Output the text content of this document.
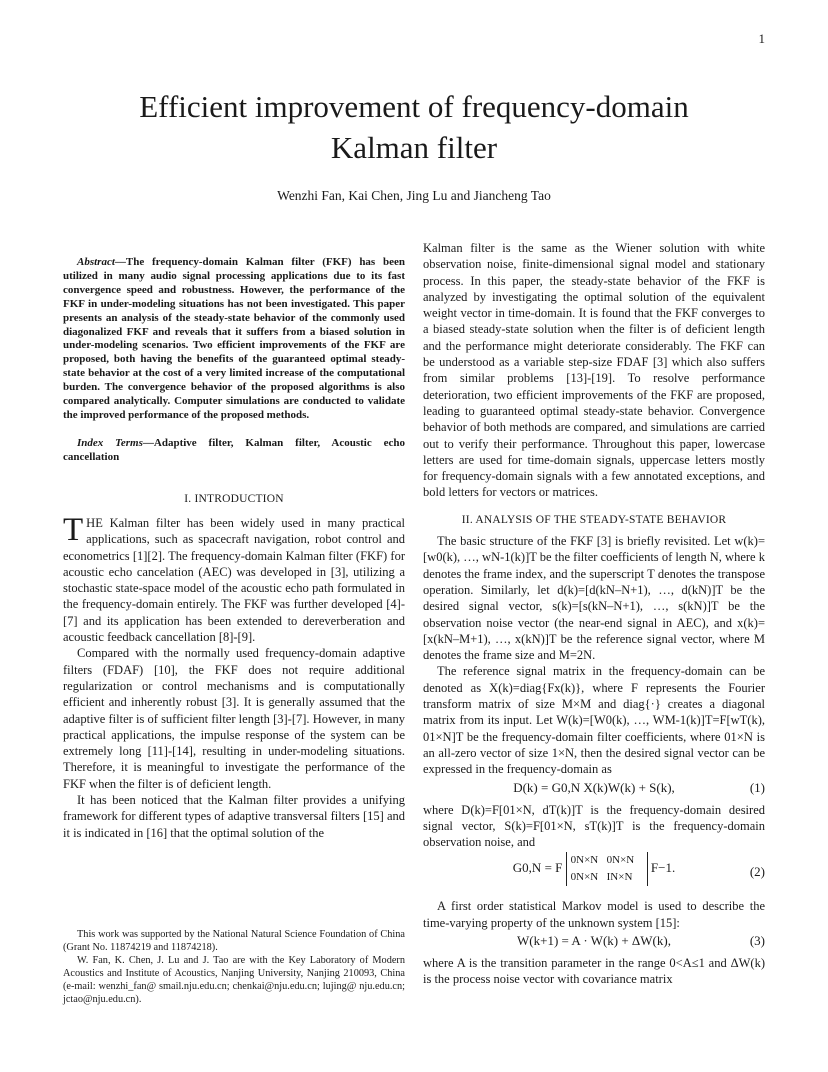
1
Efficient improvement of frequency-domain
Kalman filter
Wenzhi Fan, Kai Chen, Jing Lu and Jiancheng Tao

Abstract—The frequency-domain Kalman filter (FKF) has been utilized in many audio signal processing applications due to its fast convergence speed and robustness. However, the performance of the FKF in under-modeling situations has not been investigated. This paper presents an analysis of the steady-state behavior of the commonly used diagonalized FKF and reveals that it suffers from a biased solution in under-modeling scenarios. Two efficient improvements of the FKF are proposed, both having the benefits of the guaranteed optimal steady-state behavior at the cost of a very limited increase of the computational burden. The convergence behavior of the proposed algorithms is also compared analytically. Computer simulations are conducted to validate the improved performance of the proposed methods.

Index Terms—Adaptive filter, Kalman filter, Acoustic echo cancellation

I. INTRODUCTION

THE Kalman filter has been widely used in many practical applications, such as spacecraft navigation, robot control and econometrics [1][2]. The frequency-domain Kalman filter (FKF) for acoustic echo cancelation (AEC) was developed in [3], utilizing a stochastic state-space model of the acoustic echo path formulated in the frequency-domain entirely. The FKF was further developed [4]-[7] and its application has been extended to dereverberation and acoustic feedback cancellation [8]-[9].

Compared with the normally used frequency-domain adaptive filters (FDAF) [10], the FKF does not require additional regularization or control mechanisms and is computationally efficient and inherently robust [3]. It is generally assumed that the adaptive filter is of sufficient filter length [3]-[7]. However, in many practical applications, the impulse response of the system can be extremely long [11]-[14], resulting in under-modeling situations. Therefore, it is meaningful to investigate the performance of the FKF when the filter is of deficient length.

It has been noticed that the Kalman filter provides a unifying framework for different types of adaptive transversal filters [15] and it is indicated in [16] that the optimal solution of the

Kalman filter is the same as the Wiener solution with white observation noise, finite-dimensional signal model and stationary process. In this paper, the steady-state behavior of the FKF is analyzed by investigating the optimal solution of the equivalent weight vector in time-domain. It is found that the FKF converges to a biased steady-state solution when the filter is of deficient length and the performance might deteriorate considerably. The FKF can be understood as a variable step-size FDAF [3] which also suffers from similar problems [13]-[19]. To resolve performance deterioration, two efficient improvements of the FKF are proposed, leading to guaranteed optimal steady-state behavior. Convergence behavior of both methods are compared, and simulations are carried out to verify their performance. Throughout this paper, lowercase letters are used for time-domain signals, uppercase letters mostly for frequency-domain signals with a few annotated exceptions, and bold letters for vectors or matrices.

II. ANALYSIS OF THE STEADY-STATE BEHAVIOR

The basic structure of the FKF [3] is briefly revisited. Let w(k)=[w0(k), …, wN-1(k)]T be the filter coefficients of length N, where k denotes the frame index, and the superscript T denotes the transpose operation. Similarly, let d(k)=[d(kN–N+1), …, d(kN)]T be the desired signal vector, s(k)=[s(kN–N+1), …, s(kN)]T be the observation noise vector (the near-end signal in AEC), and x(k)=[x(kN–M+1), …, x(kN)]T be the reference signal vector, where M denotes the frame size and M=2N.

The reference signal matrix in the frequency-domain can be denoted as X(k)=diag{Fx(k)}, where F represents the Fourier transform matrix of size M×M and diag{·} creates a diagonal matrix from its input. Let W(k)=[W0(k), …, WM-1(k)]T=F[wT(k), 01×N]T be the frequency-domain filter coefficients, where 01×N is an all-zero vector of size 1×N, then the desired signal vector can be expressed in the frequency-domain as

D(k) = G0,N X(k)W(k) + S(k),	(1)

where D(k)=F[01×N, dT(k)]T is the frequency-domain desired signal vector, S(k)=F[01×N, sT(k)]T is the frequency-domain observation noise, and

G0,N = F 0N×N 0N×N
0N×N IN×N
F−1.	(2)

A first order statistical Markov model is used to describe the time-varying property of the unknown system [15]:

W(k+1) = A · W(k) + ΔW(k),	(3)

where A is the transition parameter in the range 0<A≤1 and ΔW(k) is the process noise vector with covariance matrix

This work was supported by the National Natural Science Foundation of China (Grant No. 11874219 and 11874218).

W. Fan, K. Chen, J. Lu and J. Tao are with the Key Laboratory of Modern Acoustics and Institute of Acoustics, Nanjing University, Nanjing 210093, China (e-mail: wenzhi_fan@ smail.nju.edu.cn; chenkai@nju.edu.cn; lujing@ nju.edu.cn; jctao@nju.edu.cn).
